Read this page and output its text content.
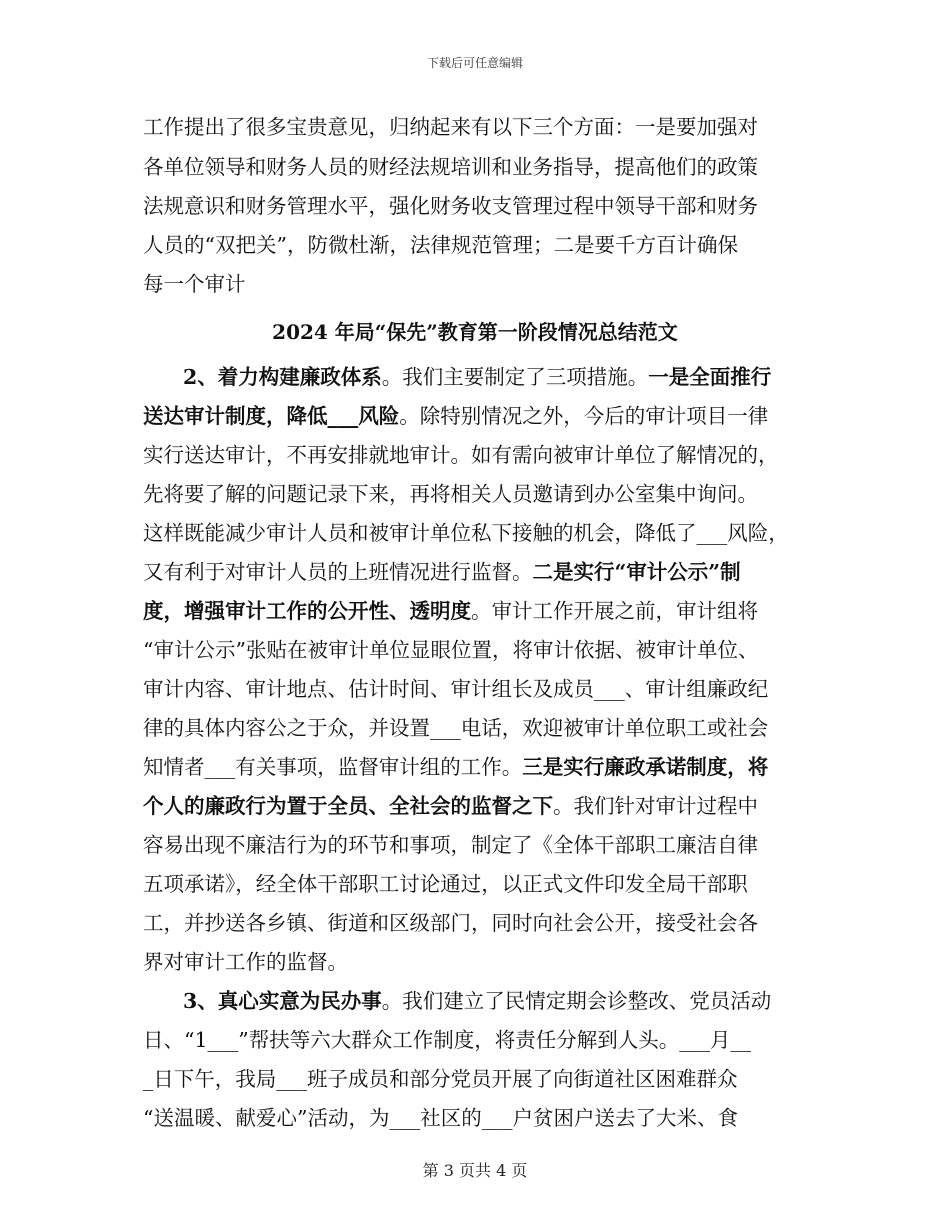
下载后可任意编辑
工作提出了很多宝贵意见，归纳起来有以下三个方面：一是要加强对
各单位领导和财务人员的财经法规培训和业务指导，提高他们的政策
法规意识和财务管理水平，强化财务收支管理过程中领导干部和财务
人员的“双把关”，防微杜渐，法律规范管理；二是要千方百计确保
每一个审计
2024 年局“保先”教育第一阶段情况总结范文
2、着力构建廉政体系。我们主要制定了三项措施。一是全面推行
送达审计制度，降低___风险。除特别情况之外，今后的审计项目一律
实行送达审计，不再安排就地审计。如有需向被审计单位了解情况的，
先将要了解的问题记录下来，再将相关人员邀请到办公室集中询问。
这样既能减少审计人员和被审计单位私下接触的机会，降低了___风险，
又有利于对审计人员的上班情况进行监督。二是实行“审计公示”制
度，增强审计工作的公开性、透明度。审计工作开展之前，审计组将
“审计公示”张贴在被审计单位显眼位置，将审计依据、被审计单位、
审计内容、审计地点、估计时间、审计组长及成员___、审计组廉政纪
律的具体内容公之于众，并设置___电话，欢迎被审计单位职工或社会
知情者___有关事项，监督审计组的工作。三是实行廉政承诺制度，将
个人的廉政行为置于全员、全社会的监督之下。我们针对审计过程中
容易出现不廉洁行为的环节和事项，制定了《全体干部职工廉洁自律
五项承诺》，经全体干部职工讨论通过，以正式文件印发全局干部职
工，并抄送各乡镇、街道和区级部门，同时向社会公开，接受社会各
界对审计工作的监督。
3、真心实意为民办事。我们建立了民情定期会诊整改、党员活动
日、“1___”帮扶等六大群众工作制度，将责任分解到人头。___月__
_日下午，我局___班子成员和部分党员开展了向街道社区困难群众
“送温暖、献爱心”活动，为___社区的___户贫困户送去了大米、食
第 3 页共 4 页
